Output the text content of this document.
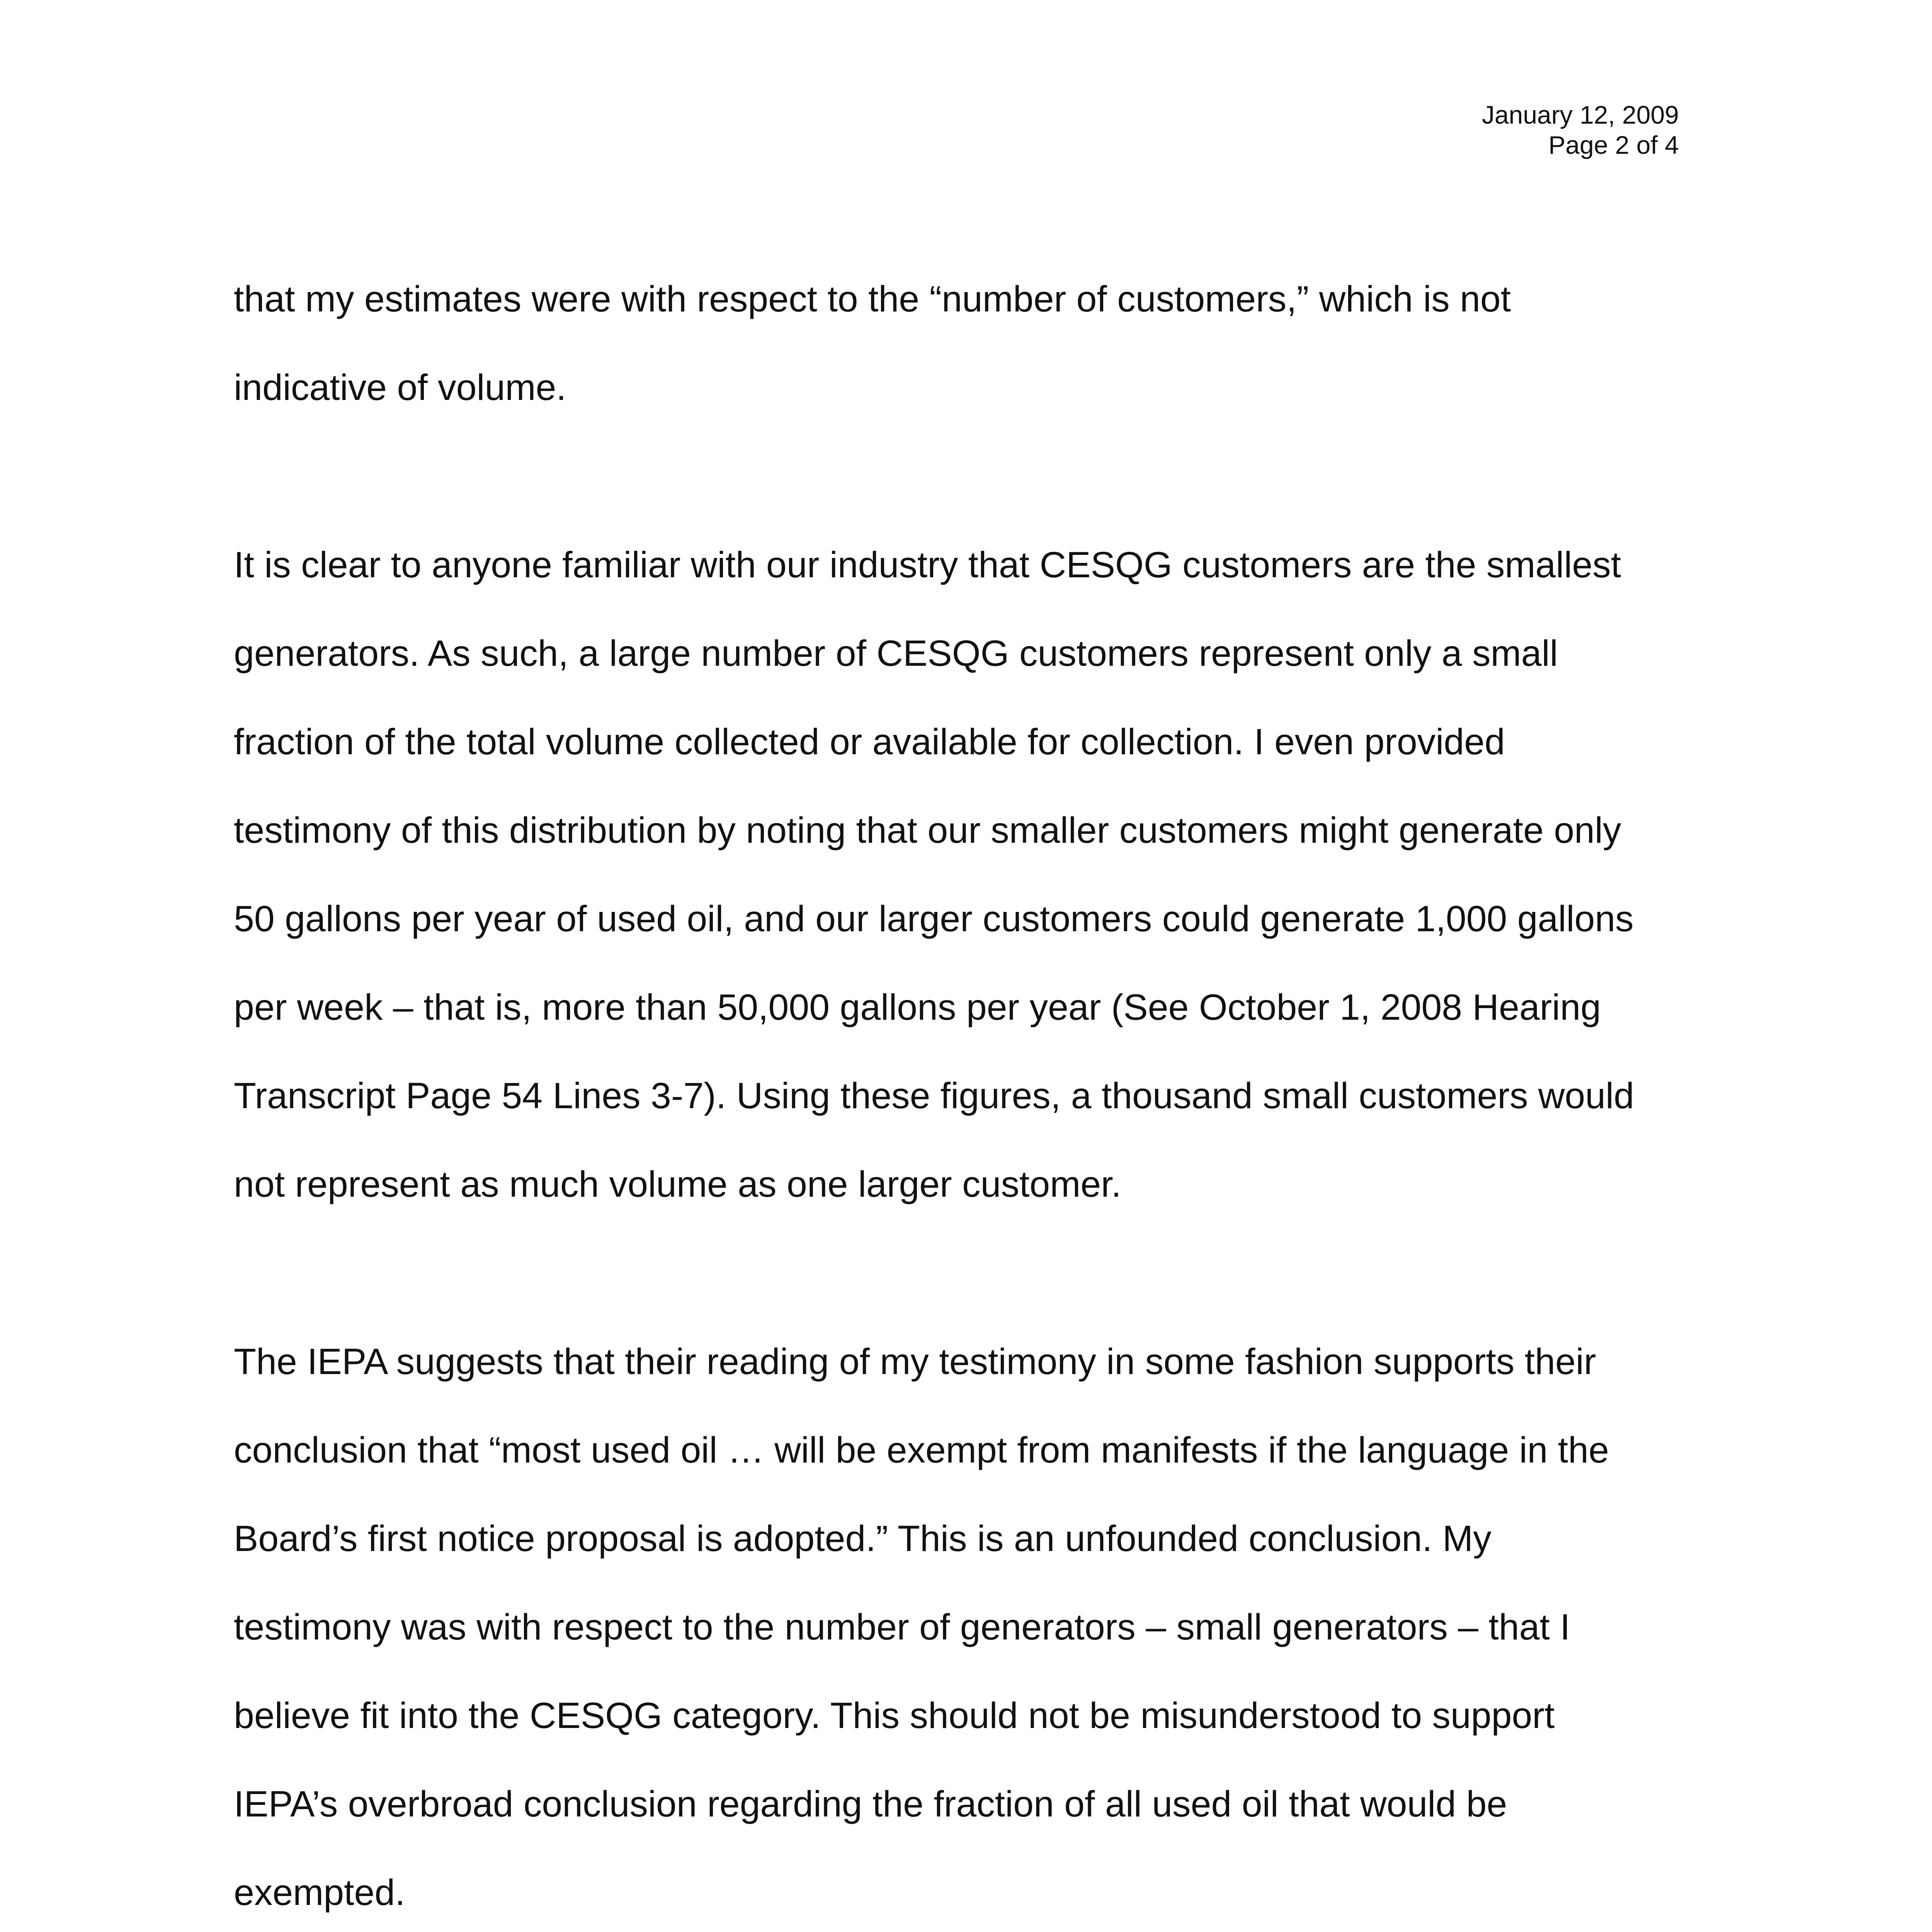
January 12, 2009
Page 2 of 4

that my estimates were with respect to the “number of customers,” which is not
indicative of volume.

It is clear to anyone familiar with our industry that CESQG customers are the smallest
generators. As such, a large number of CESQG customers represent only a small
fraction of the total volume collected or available for collection. I even provided
testimony of this distribution by noting that our smaller customers might generate only
50 gallons per year of used oil, and our larger customers could generate 1,000 gallons
per week – that is, more than 50,000 gallons per year (See October 1, 2008 Hearing
Transcript Page 54 Lines 3-7). Using these figures, a thousand small customers would
not represent as much volume as one larger customer.

The IEPA suggests that their reading of my testimony in some fashion supports their
conclusion that “most used oil … will be exempt from manifests if the language in the
Board’s first notice proposal is adopted.” This is an unfounded conclusion. My
testimony was with respect to the number of generators – small generators – that I
believe fit into the CESQG category. This should not be misunderstood to support
IEPA’s overbroad conclusion regarding the fraction of all used oil that would be
exempted.
